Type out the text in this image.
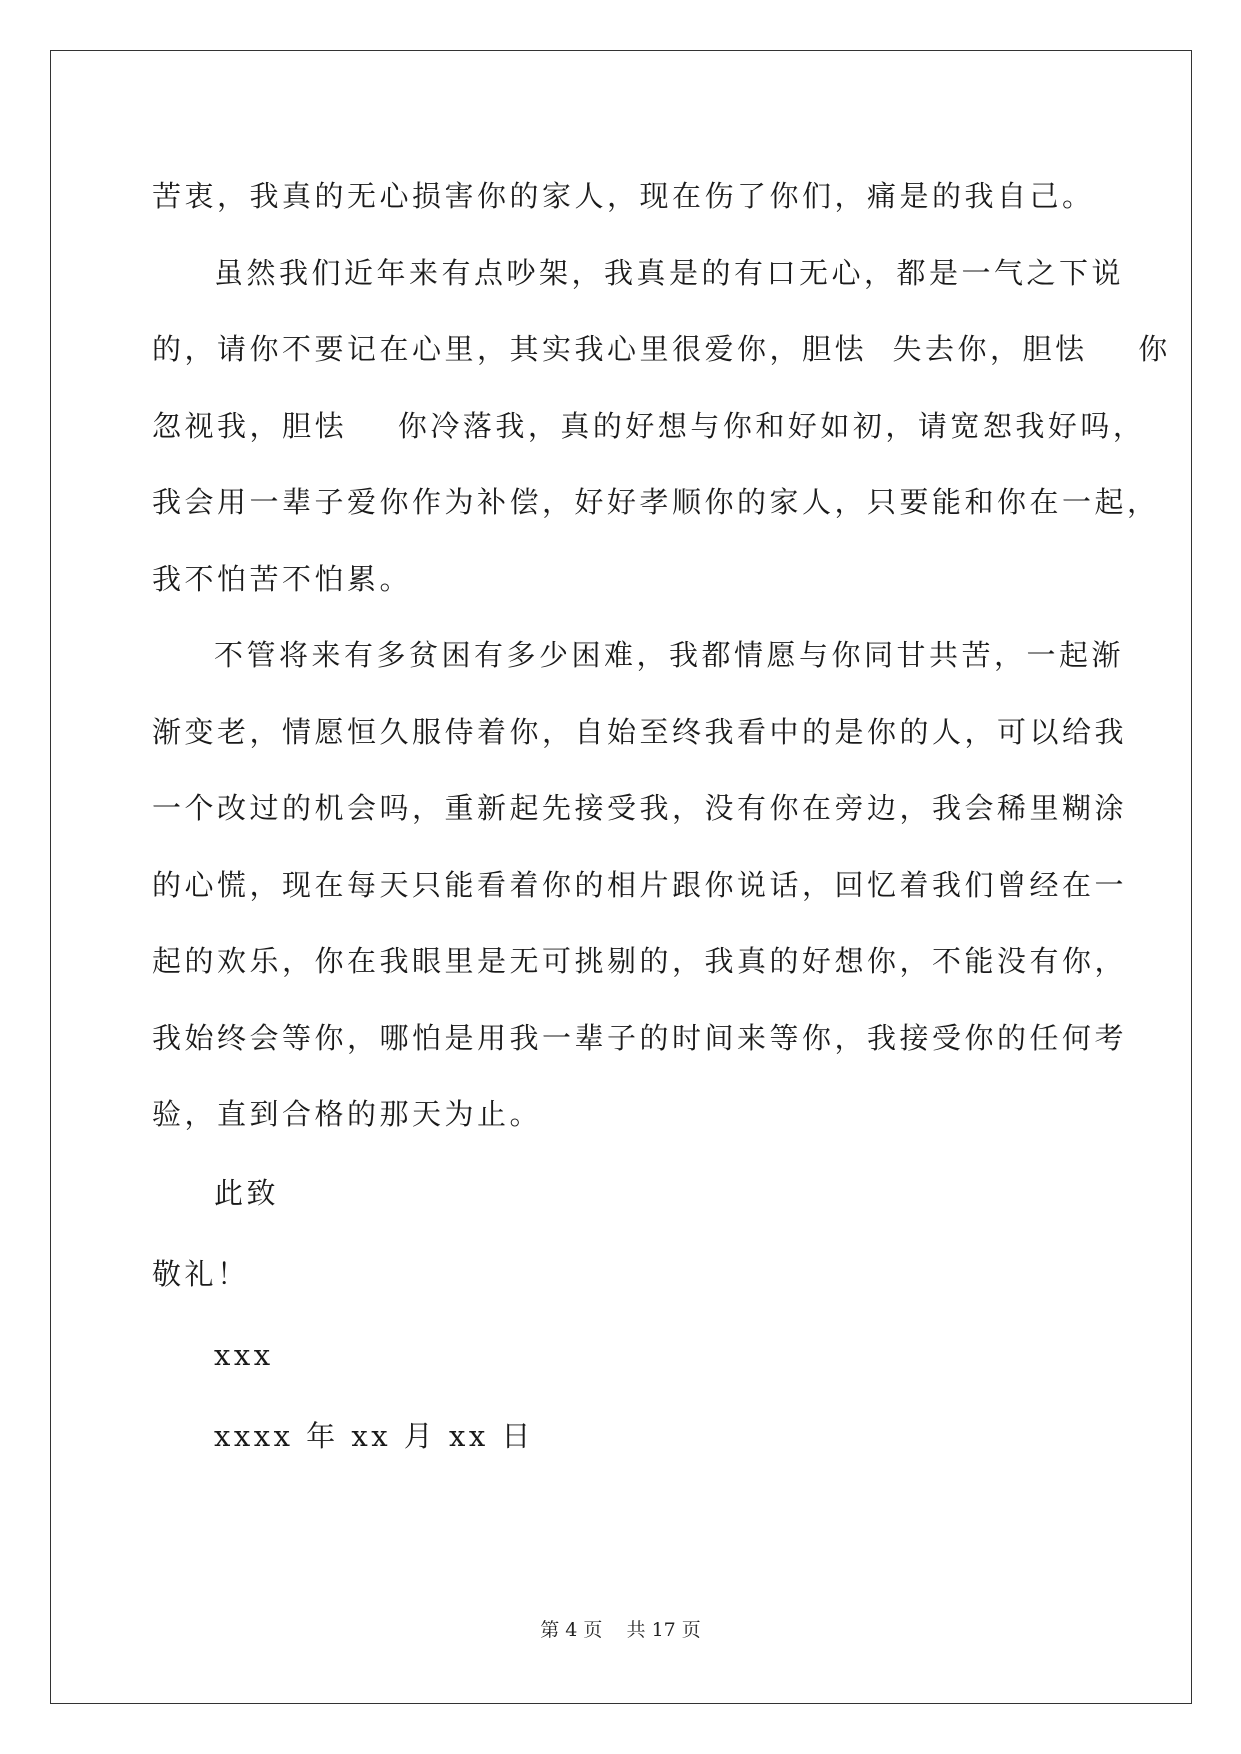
苦衷，我真的无心损害你的家人，现在伤了你们，痛是的我自己。
虽然我们近年来有点吵架，我真是的有口无心，都是一气之下说
的，请你不要记在心里，其实我心里很爱你，胆怯  失去你，胆怯    你
忽视我，胆怯    你冷落我，真的好想与你和好如初，请宽恕我好吗，
我会用一辈子爱你作为补偿，好好孝顺你的家人，只要能和你在一起，
我不怕苦不怕累。
不管将来有多贫困有多少困难，我都情愿与你同甘共苦，一起渐
渐变老，情愿恒久服侍着你，自始至终我看中的是你的人，可以给我
一个改过的机会吗，重新起先接受我，没有你在旁边，我会稀里糊涂
的心慌，现在每天只能看着你的相片跟你说话，回忆着我们曾经在一
起的欢乐，你在我眼里是无可挑剔的，我真的好想你，不能没有你，
我始终会等你，哪怕是用我一辈子的时间来等你，我接受你的任何考
验，直到合格的那天为止。
此致
敬礼！
xxx
xxxx 年 xx 月 xx 日
第 4 页    共 17 页
